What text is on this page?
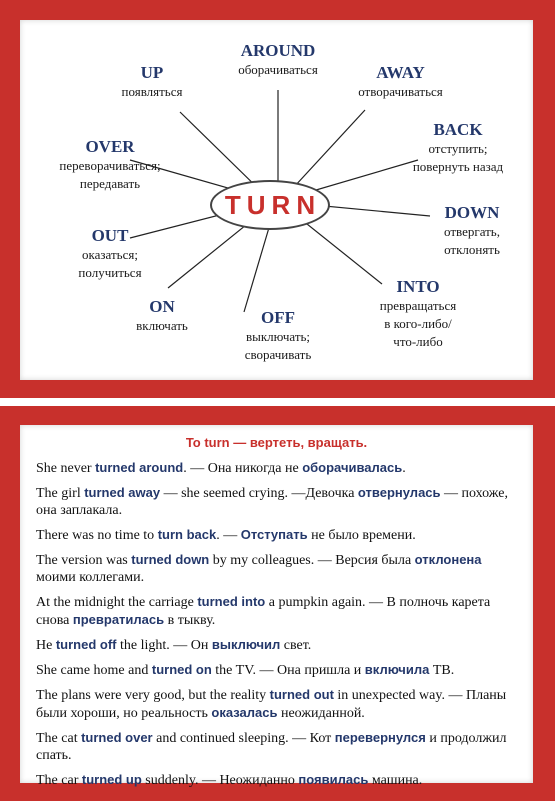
TURN
AROUND
оборачиваться
UP
появляться
AWAY
отворачиваться
OVER
переворачиваться;
передавать
BACK
отступить;
повернуть назад
OUT
оказаться;
получиться
DOWN
отвергать,
отклонять
ON
включать	OFF
выключать;
сворачивать
INTO
превращаться
в кого-либо/
что-либо
To turn — вертеть, вращать.
She never turned around. — Она никогда не оборачивалась.
The girl turned away — she seemed crying. —Девочка отвернулась — похоже, она заплакала.
There was no time to turn back. — Отступать не было времени.
The version was turned down by my colleagues. — Версия была отклонена моими коллегами.
At the midnight the carriage turned into a pumpkin again. — В полночь карета снова превратилась в тыкву.
He turned off the light. — Он выключил свет.
She came home and turned on the TV. — Она пришла и включила ТВ.
The plans were very good, but the reality turned out in unexpected way. — Планы были хороши, но реальность оказалась неожиданной.
The cat turned over and continued sleeping. — Кот перевернулся и продолжил спать.
The car turned up suddenly. — Неожиданно появилась машина.
